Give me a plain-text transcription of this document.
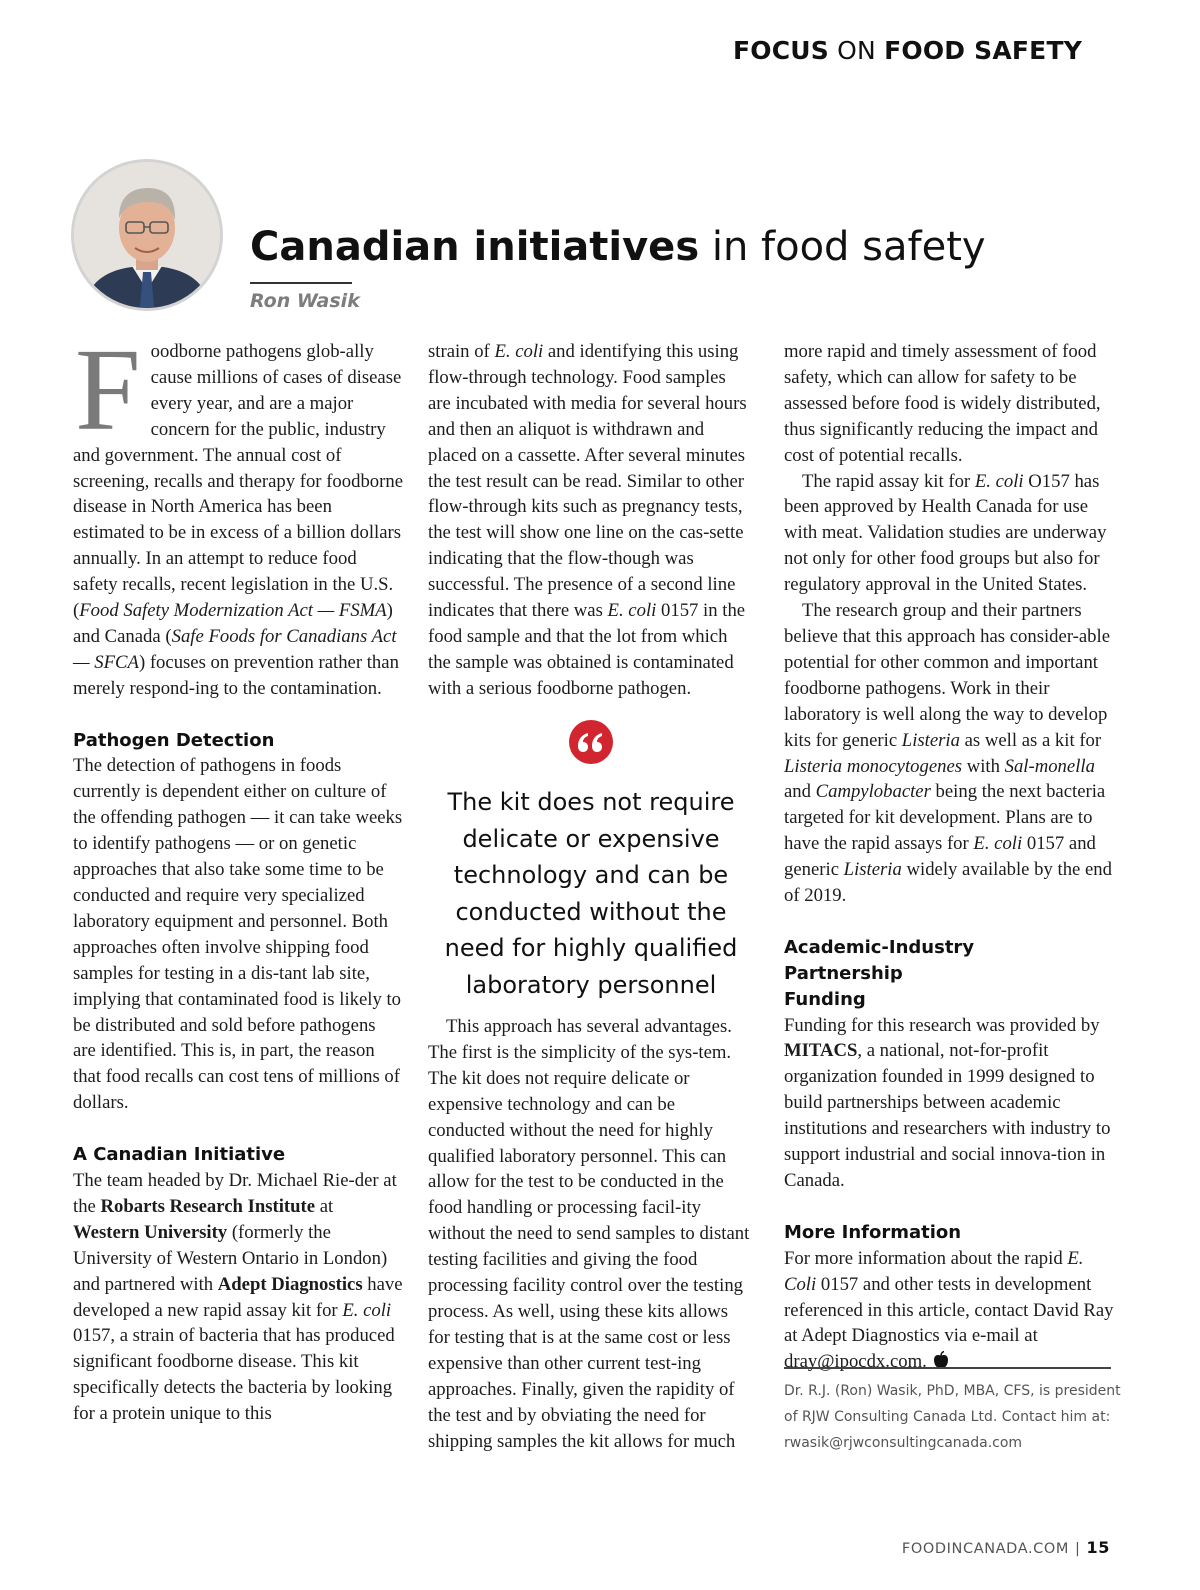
FOCUS ON FOOD SAFETY
Canadian initiatives in food safety
Ron Wasik

Foodborne pathogens glob-ally cause millions of cases of disease every year, and are a major concern for the public, industry and government. The annual cost of screening, recalls and therapy for foodborne disease in North America has been estimated to be in excess of a billion dollars annually. In an attempt to reduce food safety recalls, recent legislation in the U.S. (Food Safety Modernization Act — FSMA) and Canada (Safe Foods for Canadians Act — SFCA) focuses on prevention rather than merely respond-ing to the contamination.

Pathogen Detection

The detection of pathogens in foods currently is dependent either on culture of the offending pathogen — it can take weeks to identify pathogens — or on genetic approaches that also take some time to be conducted and require very specialized laboratory equipment and personnel. Both approaches often involve shipping food samples for testing in a dis-tant lab site, implying that contaminated food is likely to be distributed and sold before pathogens are identified. This is, in part, the reason that food recalls can cost tens of millions of dollars.

A Canadian Initiative

The team headed by Dr. Michael Rie-der at the Robarts Research Institute at Western University (formerly the University of Western Ontario in London) and partnered with Adept Diagnostics have developed a new rapid assay kit for E. coli 0157, a strain of bacteria that has produced significant foodborne disease. This kit specifically detects the bacteria by looking for a protein unique to this

strain of E. coli and identifying this using flow-through technology. Food samples are incubated with media for several hours and then an aliquot is withdrawn and placed on a cassette. After several minutes the test result can be read. Similar to other flow-through kits such as pregnancy tests, the test will show one line on the cas-sette indicating that the flow-though was successful. The presence of a second line indicates that there was E. coli 0157 in the food sample and that the lot from which the sample was obtained is contaminated with a serious foodborne pathogen.

The kit does not require delicate or expensive technology and can be conducted without the need for highly qualified laboratory personnel

This approach has several advantages. The first is the simplicity of the sys-tem. The kit does not require delicate or expensive technology and can be conducted without the need for highly qualified laboratory personnel. This can allow for the test to be conducted in the food handling or processing facil-ity without the need to send samples to distant testing facilities and giving the food processing facility control over the testing process. As well, using these kits allows for testing that is at the same cost or less expensive than other current test-ing approaches. Finally, given the rapidity of the test and by obviating the need for shipping samples the kit allows for much

more rapid and timely assessment of food safety, which can allow for safety to be assessed before food is widely distributed, thus significantly reducing the impact and cost of potential recalls.

The rapid assay kit for E. coli O157 has been approved by Health Canada for use with meat. Validation studies are underway not only for other food groups but also for regulatory approval in the United States.

The research group and their partners believe that this approach has consider-able potential for other common and important foodborne pathogens. Work in their laboratory is well along the way to develop kits for generic Listeria as well as a kit for Listeria monocytogenes with Sal-monella and Campylobacter being the next bacteria targeted for kit development. Plans are to have the rapid assays for E. coli 0157 and generic Listeria widely available by the end of 2019.

Academic-Industry Partnership Funding

Funding for this research was provided by MITACS, a national, not-for-profit organization founded in 1999 designed to build partnerships between academic institutions and researchers with industry to support industrial and social innova-tion in Canada.

More Information

For more information about the rapid E. Coli 0157 and other tests in development referenced in this article, contact David Ray at Adept Diagnostics via e-mail at dray@ipocdx.com.

Dr. R.J. (Ron) Wasik, PhD, MBA, CFS, is president of RJW Consulting Canada Ltd. Contact him at: rwasik@rjwconsultingcanada.com
FOODINCANADA.COM | 15
